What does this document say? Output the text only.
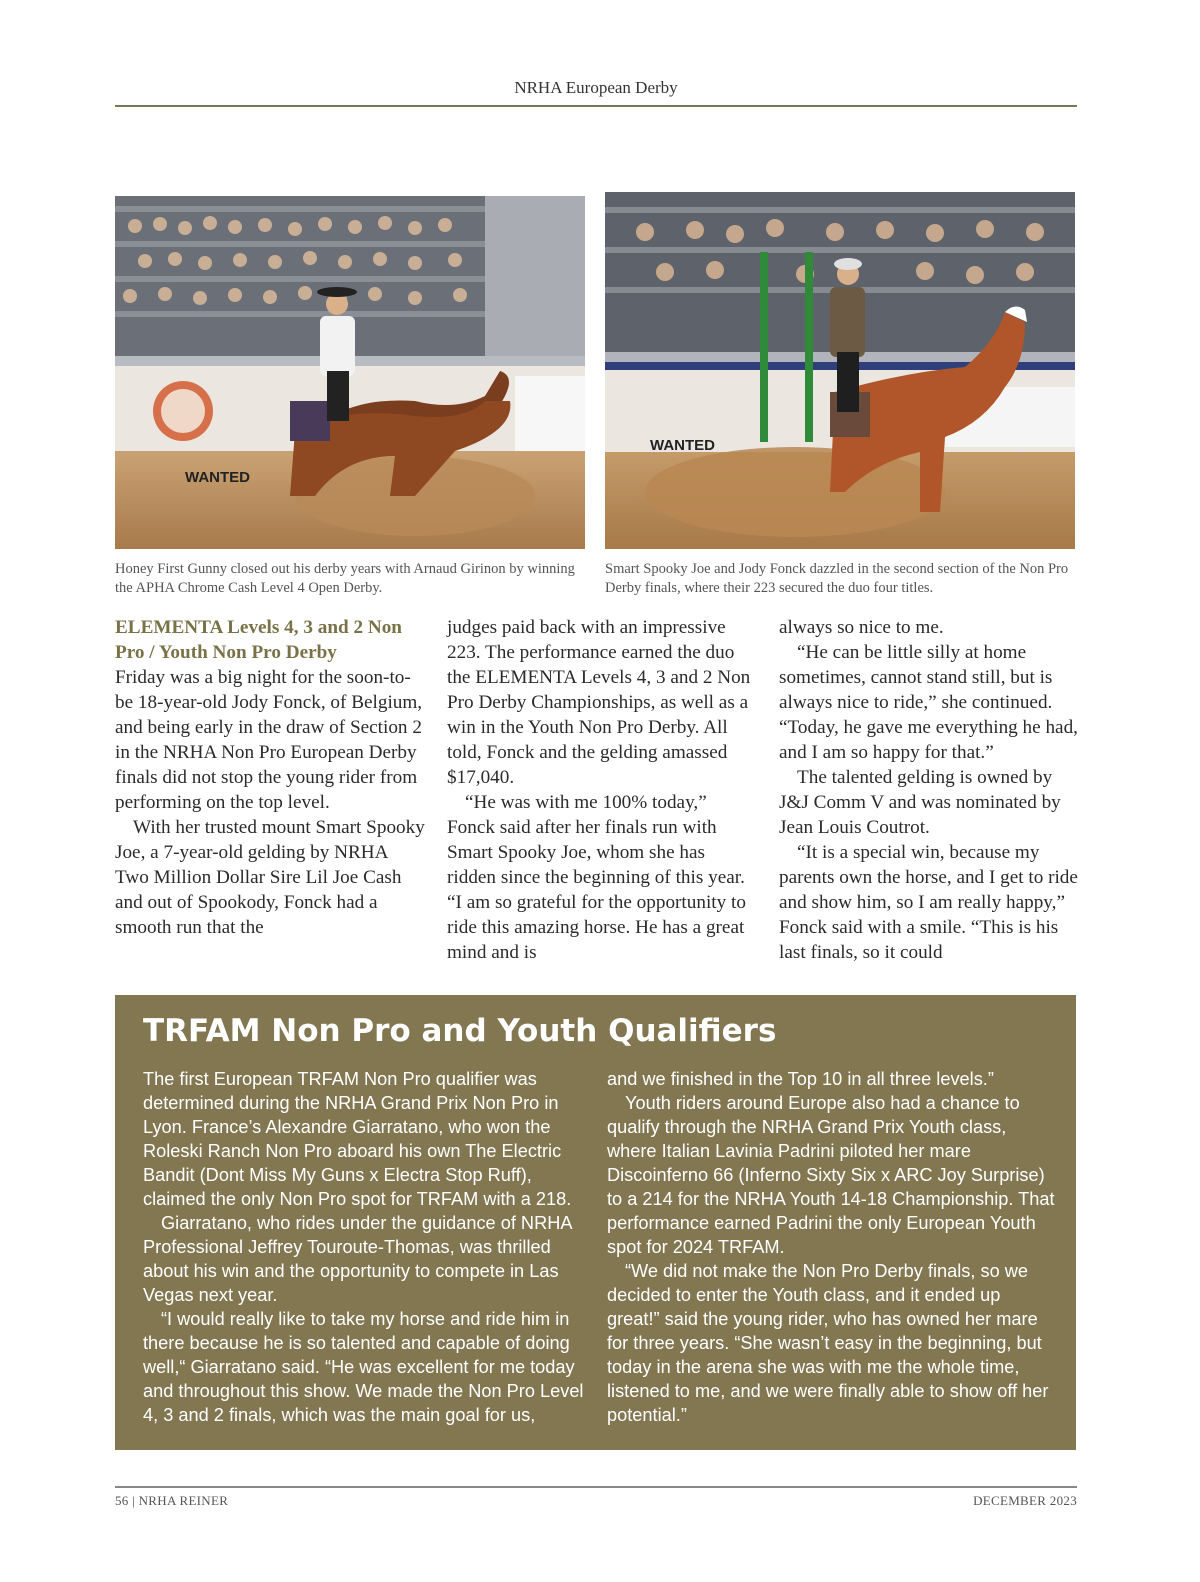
NRHA European Derby
WANTED
WANTED
Honey First Gunny closed out his derby years with Arnaud Girinon by winning the APHA Chrome Cash Level 4 Open Derby.
Smart Spooky Joe and Jody Fonck dazzled in the second section of the Non Pro Derby finals, where their 223 secured the duo four titles.

ELEMENTA Levels 4, 3 and 2 Non Pro / Youth Non Pro Derby

Friday was a big night for the soon-to-be 18-year-old Jody Fonck, of Belgium, and being early in the draw of Section 2 in the NRHA Non Pro European Derby finals did not stop the young rider from performing on the top level.

With her trusted mount Smart Spooky Joe, a 7-year-old gelding by NRHA Two Million Dollar Sire Lil Joe Cash and out of Spookody, Fonck had a smooth run that the

judges paid back with an impressive 223. The performance earned the duo the ELEMENTA Levels 4, 3 and 2 Non Pro Derby Championships, as well as a win in the Youth Non Pro Derby. All told, Fonck and the gelding amassed $17,040.

“He was with me 100% today,” Fonck said after her finals run with Smart Spooky Joe, whom she has ridden since the beginning of this year. “I am so grateful for the opportunity to ride this amazing horse. He has a great mind and is

always so nice to me.

“He can be little silly at home sometimes, cannot stand still, but is always nice to ride,” she continued. “Today, he gave me everything he had, and I am so happy for that.”

The talented gelding is owned by J&J Comm V and was nominated by Jean Louis Coutrot.

“It is a special win, because my parents own the horse, and I get to ride and show him, so I am really happy,” Fonck said with a smile. “This is his last finals, so it could

TRFAM Non Pro and Youth Qualifiers

The first European TRFAM Non Pro qualifier was determined during the NRHA Grand Prix Non Pro in Lyon. France’s Alexandre Giarratano, who won the Roleski Ranch Non Pro aboard his own The Electric Bandit (Dont Miss My Guns x Electra Stop Ruff), claimed the only Non Pro spot for TRFAM with a 218.

Giarratano, who rides under the guidance of NRHA Professional Jeffrey Touroute-Thomas, was thrilled about his win and the opportunity to compete in Las Vegas next year.

“I would really like to take my horse and ride him in there because he is so talented and capable of doing well,“ Giarratano said. “He was excellent for me today and throughout this show. We made the Non Pro Level 4, 3 and 2 finals, which was the main goal for us,

and we finished in the Top 10 in all three levels.”

Youth riders around Europe also had a chance to qualify through the NRHA Grand Prix Youth class, where Italian Lavinia Padrini piloted her mare Discoinferno 66 (Inferno Sixty Six x ARC Joy Surprise) to a 214 for the NRHA Youth 14-18 Championship. That performance earned Padrini the only European Youth spot for 2024 TRFAM.

“We did not make the Non Pro Derby finals, so we decided to enter the Youth class, and it ended up great!” said the young rider, who has owned her mare for three years. “She wasn’t easy in the beginning, but today in the arena she was with me the whole time, listened to me, and we were finally able to show off her potential.”

56 | NRHA REINER	DECEMBER 2023
